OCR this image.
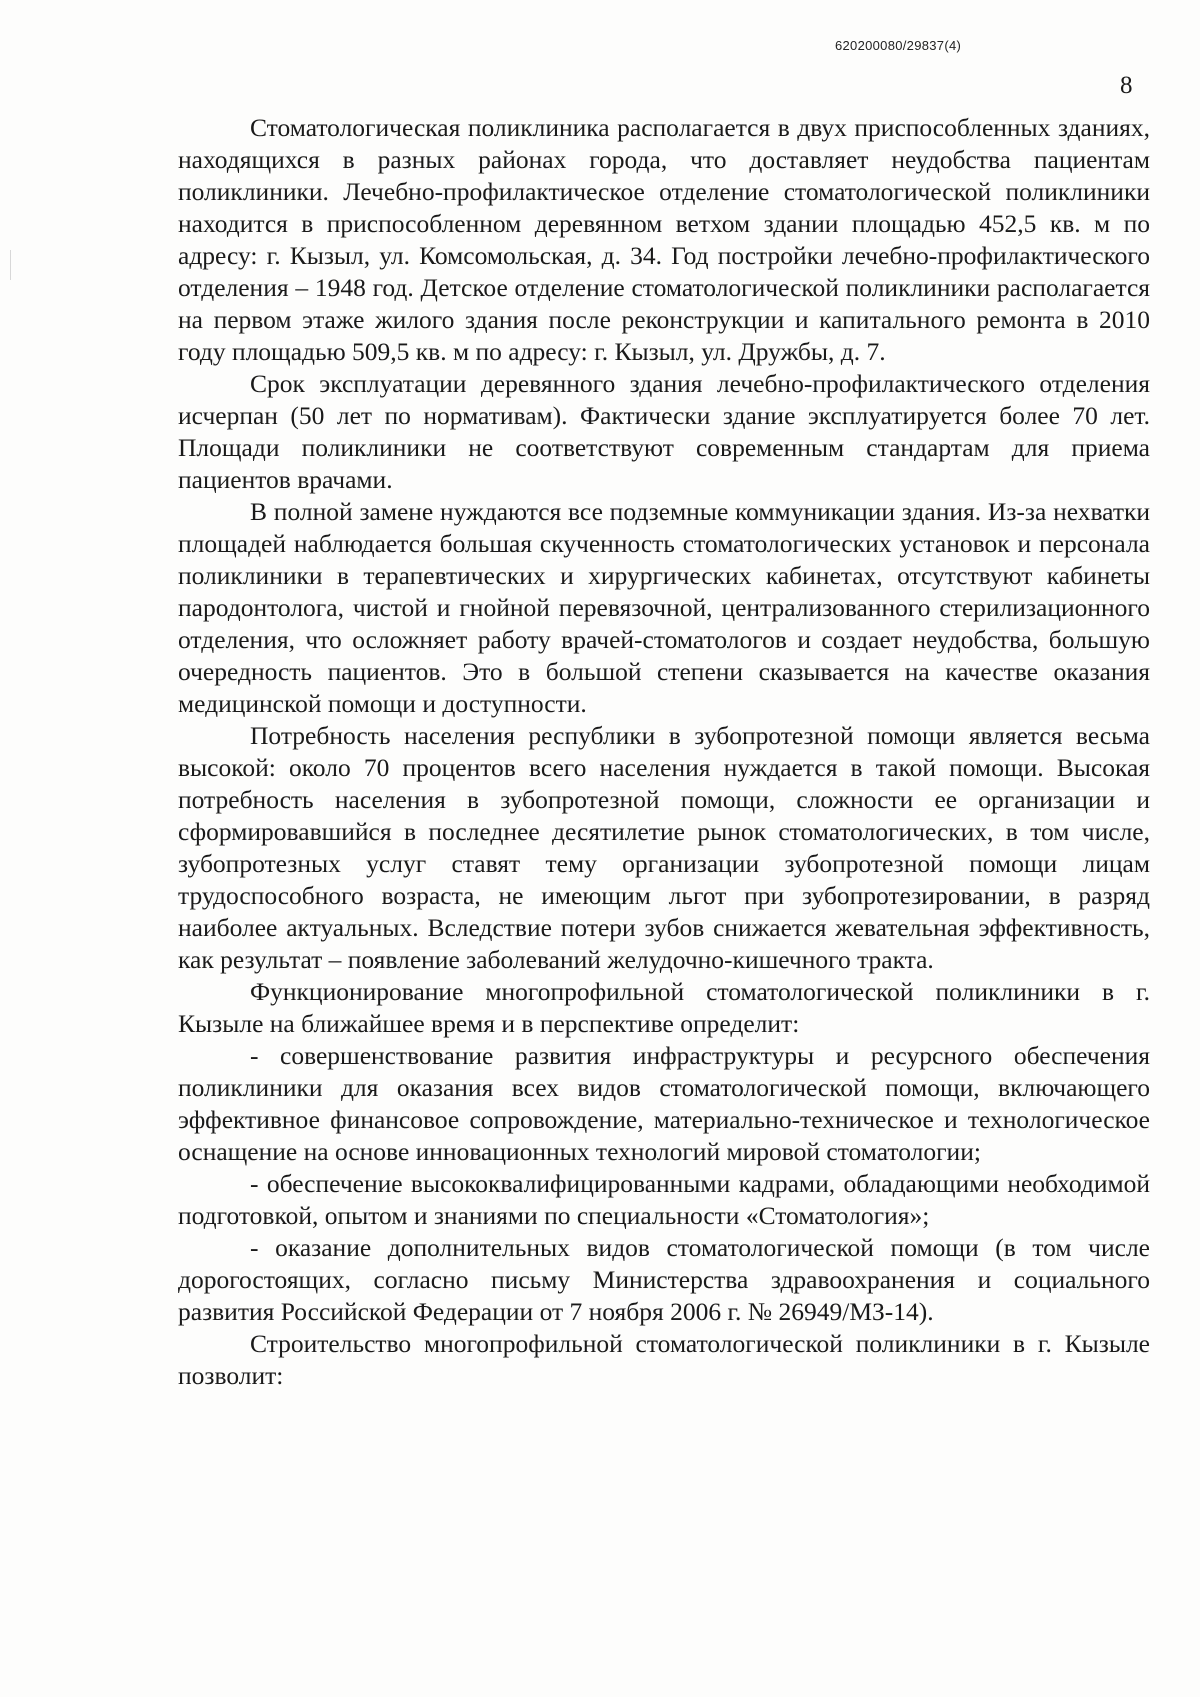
620200080/29837(4)
8

Стоматологическая поликлиника располагается в двух приспособленных зданиях, находящихся в разных районах города, что доставляет неудобства пациентам поликлиники. Лечебно-профилактическое отделение стоматологической поликлиники находится в приспособленном деревянном ветхом здании площадью 452,5 кв. м по адресу: г. Кызыл, ул. Комсомольская, д. 34. Год постройки лечебно-профилактического отделения – 1948 год. Детское отделение стоматологической поликлиники располагается на первом этаже жилого здания после реконструкции и капитального ремонта в 2010 году площадью 509,5 кв. м по адресу: г. Кызыл, ул. Дружбы, д. 7.

Срок эксплуатации деревянного здания лечебно-профилактического отделения исчерпан (50 лет по нормативам). Фактически здание эксплуатируется более 70 лет. Площади поликлиники не соответствуют современным стандартам для приема пациентов врачами.

В полной замене нуждаются все подземные коммуникации здания. Из-за нехватки площадей наблюдается большая скученность стоматологических установок и персонала поликлиники в терапевтических и хирургических кабинетах, отсутствуют кабинеты пародонтолога, чистой и гнойной перевязочной, централизованного стерилизационного отделения, что осложняет работу врачей-стоматологов и создает неудобства, большую очередность пациентов. Это в большой степени сказывается на качестве оказания медицинской помощи и доступности.

Потребность населения республики в зубопротезной помощи является весьма высокой: около 70 процентов всего населения нуждается в такой помощи. Высокая потребность населения в зубопротезной помощи, сложности ее организации и сформировавшийся в последнее десятилетие рынок стоматологических, в том числе, зубопротезных услуг ставят тему организации зубопротезной помощи лицам трудоспособного возраста, не имеющим льгот при зубопротезировании, в разряд наиболее актуальных. Вследствие потери зубов снижается жевательная эффективность, как результат – появление заболеваний желудочно-кишечного тракта.

Функционирование многопрофильной стоматологической поликлиники в г. Кызыле на ближайшее время и в перспективе определит:

- совершенствование развития инфраструктуры и ресурсного обеспечения поликлиники для оказания всех видов стоматологической помощи, включающего эффективное финансовое сопровождение, материально-техническое и технологическое оснащение на основе инновационных технологий мировой стоматологии;

- обеспечение высококвалифицированными кадрами, обладающими необходимой подготовкой, опытом и знаниями по специальности «Стоматология»;

- оказание дополнительных видов стоматологической помощи (в том числе дорогостоящих, согласно письму Министерства здравоохранения и социального развития Российской Федерации от 7 ноября 2006 г. № 26949/МЗ-14).

Строительство многопрофильной стоматологической поликлиники в г. Кызыле позволит:
